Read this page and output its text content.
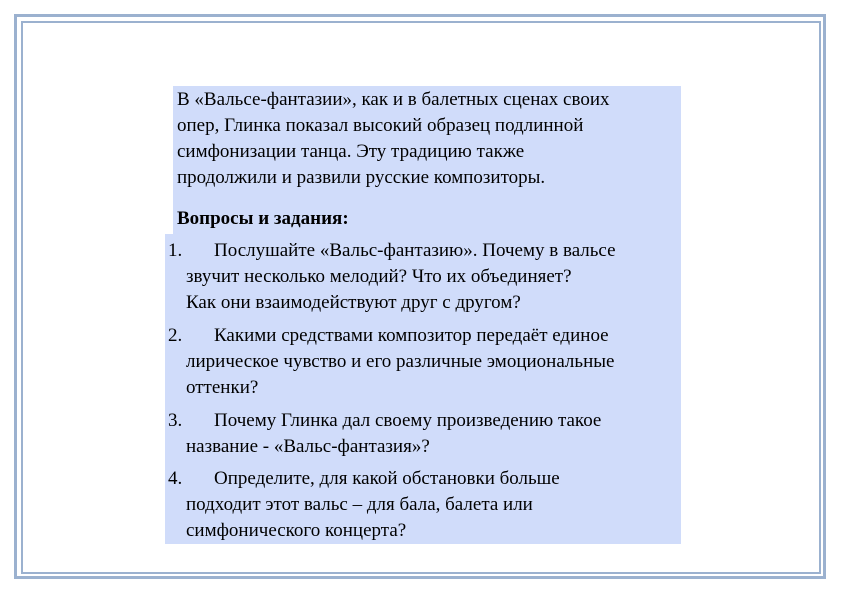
В «Вальсе-фантазии», как и в балетных сценах своих
опер, Глинка показал высокий образец подлинной
симфонизации танца. Эту традицию также
продолжили и развили русские композиторы.

Вопросы и задания:

1. Послушайте «Вальс-фантазию». Почему в вальсе
звучит несколько мелодий? Что их объединяет?
Как они взаимодействуют друг с другом?
2. Какими средствами композитор передаёт единое
лирическое чувство и его различные эмоциональные
оттенки?
3. Почему Глинка дал своему произведению такое
название - «Вальс-фантазия»?
4. Определите, для какой обстановки больше
подходит этот вальс – для бала, балета или
симфонического концерта?
